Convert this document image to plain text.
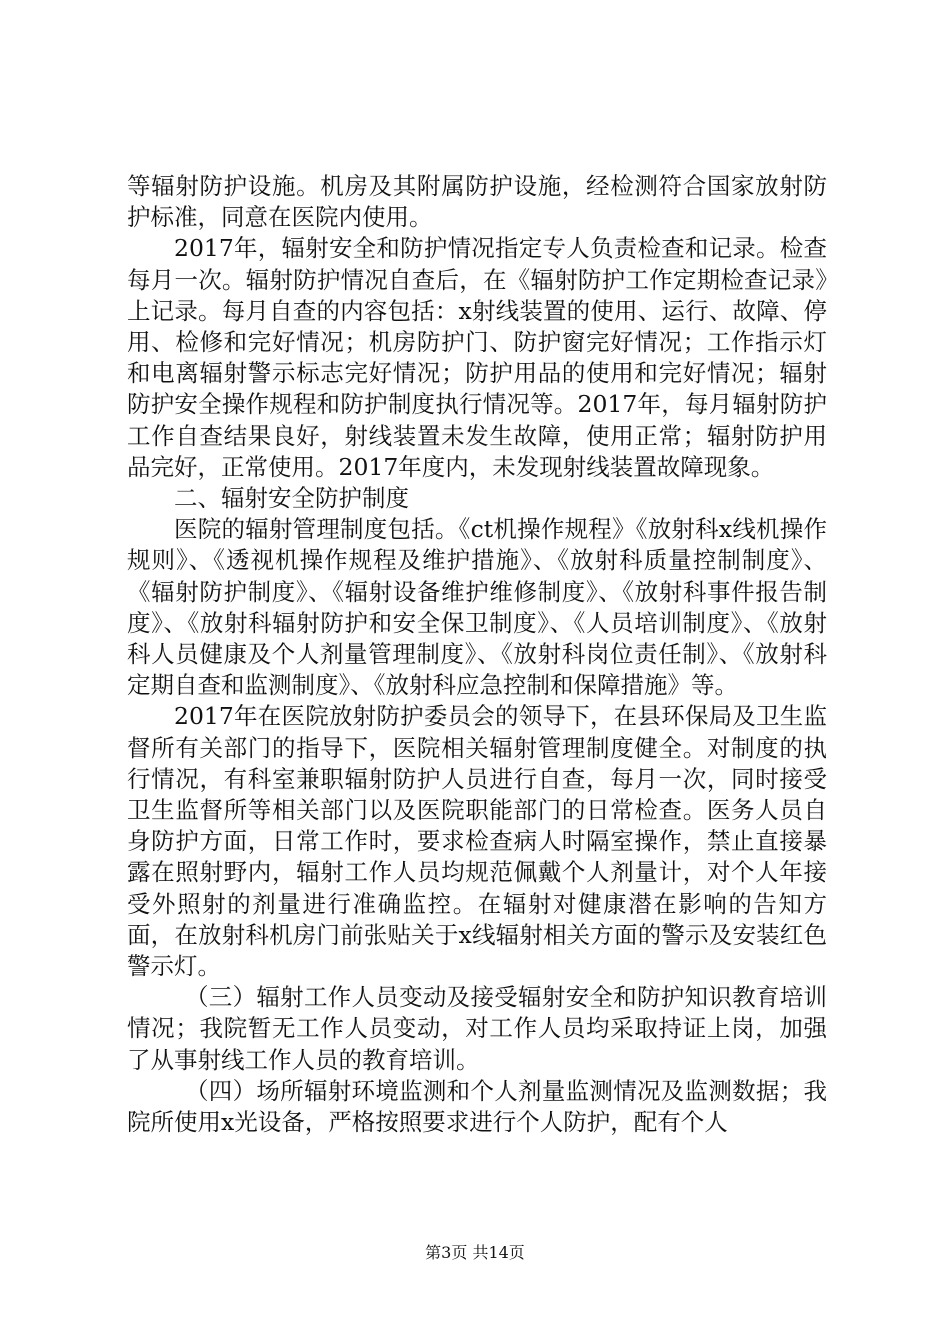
等辐射防护设施。机房及其附属防护设施，经检测符合国家放射防护标准，同意在医院内使用。

2017年，辐射安全和防护情况指定专人负责检查和记录。检查每月一次。辐射防护情况自查后，在《辐射防护工作定期检查记录》上记录。每月自查的内容包括：x射线装置的使用、运行、故障、停用、检修和完好情况；机房防护门、防护窗完好情况；工作指示灯和电离辐射警示标志完好情况；防护用品的使用和完好情况；辐射防护安全操作规程和防护制度执行情况等。2017年，每月辐射防护工作自查结果良好，射线装置未发生故障，使用正常；辐射防护用品完好，正常使用。2017年度内，未发现射线装置故障现象。

二、辐射安全防护制度

医院的辐射管理制度包括。《ct机操作规程》《放射科x线机操作规则》、《透视机操作规程及维护措施》、《放射科质量控制制度》、《辐射防护制度》、《辐射设备维护维修制度》、《放射科事件报告制度》、《放射科辐射防护和安全保卫制度》、《人员培训制度》、《放射科人员健康及个人剂量管理制度》、《放射科岗位责任制》、《放射科定期自查和监测制度》、《放射科应急控制和保障措施》等。

2017年在医院放射防护委员会的领导下，在县环保局及卫生监督所有关部门的指导下，医院相关辐射管理制度健全。对制度的执行情况，有科室兼职辐射防护人员进行自查，每月一次，同时接受卫生监督所等相关部门以及医院职能部门的日常检查。医务人员自身防护方面，日常工作时，要求检查病人时隔室操作，禁止直接暴露在照射野内，辐射工作人员均规范佩戴个人剂量计，对个人年接受外照射的剂量进行准确监控。在辐射对健康潜在影响的告知方面，在放射科机房门前张贴关于x线辐射相关方面的警示及安装红色警示灯。

（三）辐射工作人员变动及接受辐射安全和防护知识教育培训情况；我院暂无工作人员变动，对工作人员均采取持证上岗，加强了从事射线工作人员的教育培训。

（四）场所辐射环境监测和个人剂量监测情况及监测数据；我院所使用x光设备，严格按照要求进行个人防护，配有个人

第3页 共14页
